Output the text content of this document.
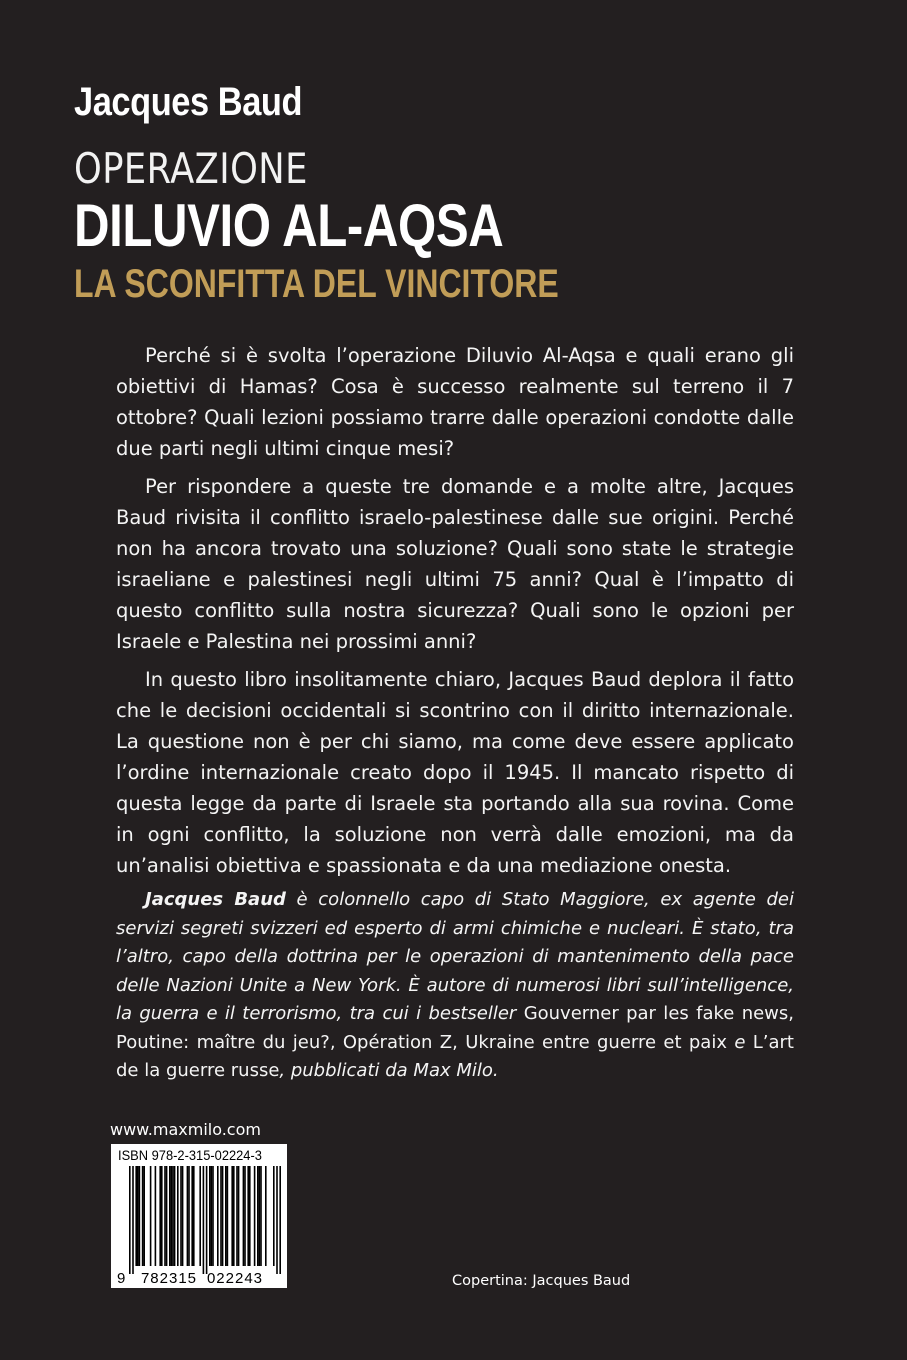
Jacques Baud
OPERAZIONE
DILUVIO AL-AQSA
LA SCONFITTA DEL VINCITORE

Perché si è svolta l’operazione Diluvio Al-Aqsa e quali erano gli obiettivi di Hamas? Cosa è successo realmente sul terreno il 7 ottobre? Quali lezioni possiamo trarre dalle operazioni condotte dalle due parti negli ultimi cinque mesi?

Per rispondere a queste tre domande e a molte altre, Jacques Baud rivisita il conflitto israelo-palestinese dalle sue origini. Perché non ha ancora trovato una soluzione? Quali sono state le strategie israeliane e palestinesi negli ultimi 75 anni? Qual è l’impatto di questo conflitto sulla nostra sicurezza? Quali sono le opzioni per Israele e Palestina nei prossimi anni?

In questo libro insolitamente chiaro, Jacques Baud deplora il fatto che le decisioni occidentali si scontrino con il diritto internazionale. La questione non è per chi siamo, ma come deve essere applicato l’ordine internazionale creato dopo il 1945. Il mancato rispetto di questa legge da parte di Israele sta portando alla sua rovina. Come in ogni conflitto, la soluzione non verrà dalle emozioni, ma da un’analisi obiettiva e spassionata e da una mediazione onesta.

Jacques Baud è colonnello capo di Stato Maggiore, ex agente dei servizi segreti svizzeri ed esperto di armi chimiche e nucleari. È stato, tra l’altro, capo della dottrina per le operazioni di mantenimento della pace delle Nazioni Unite a New York. È autore di numerosi libri sull’intelligence, la guerra e il terrorismo, tra cui i bestseller Gouverner par les fake news, Poutine: maître du jeu?, Opération Z, Ukraine entre guerre et paix e L’art de la guerre russe, pubblicati da Max Milo.

www.maxmilo.com
ISBN 978-2-315-02224-3
9 782315 022243	Copertina: Jacques Baud
